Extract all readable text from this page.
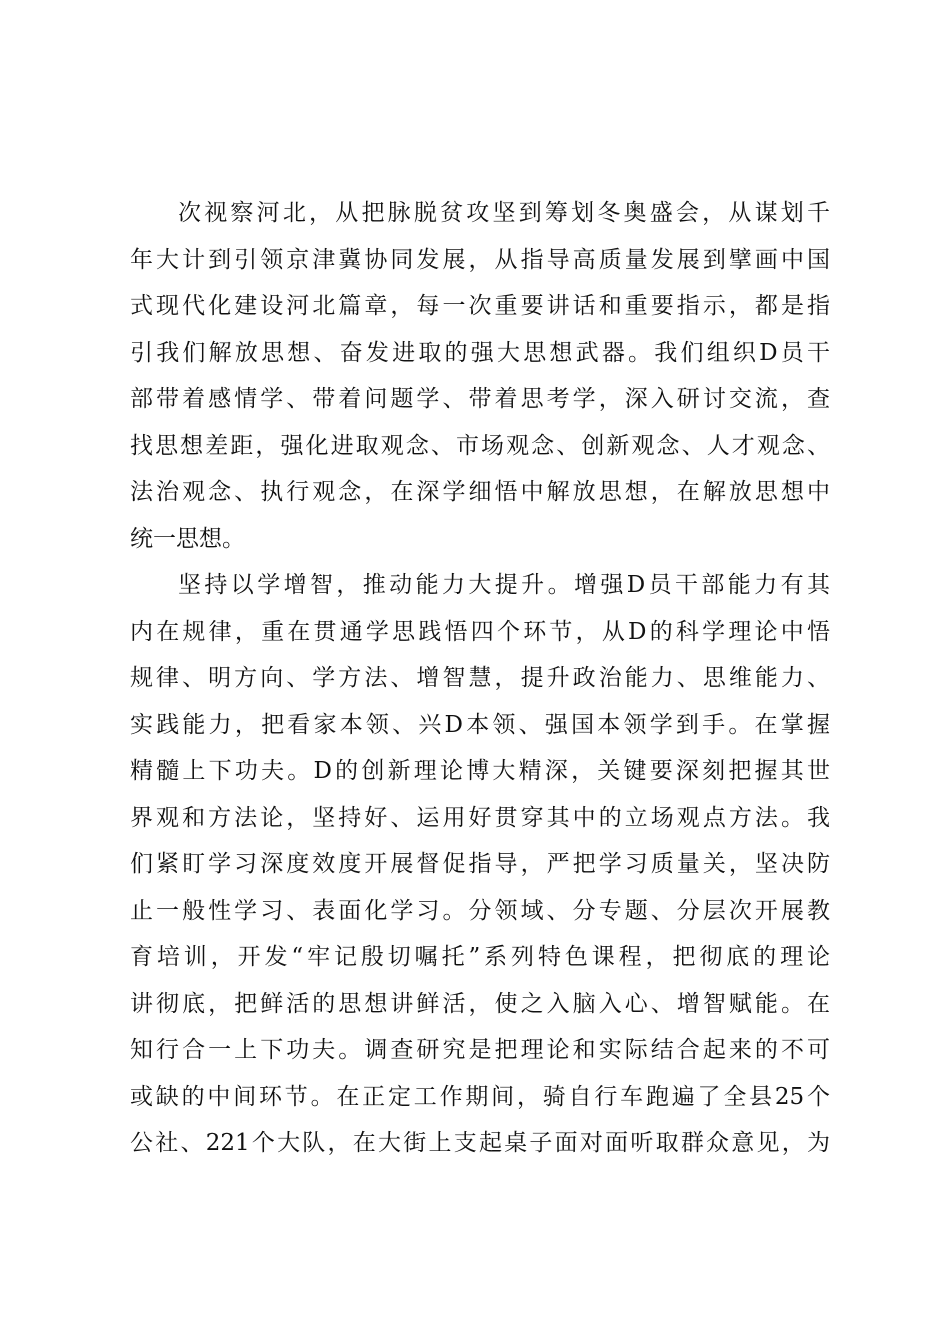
次视察河北，从把脉脱贫攻坚到筹划冬奥盛会，从谋划千
年大计到引领京津冀协同发展，从指导高质量发展到擘画中国
式现代化建设河北篇章，每一次重要讲话和重要指示，都是指
引我们解放思想、奋发进取的强大思想武器。我们组织D员干
部带着感情学、带着问题学、带着思考学，深入研讨交流，查
找思想差距，强化进取观念、市场观念、创新观念、人才观念、
法治观念、执行观念，在深学细悟中解放思想，在解放思想中
统一思想。
坚持以学增智，推动能力大提升。增强D员干部能力有其
内在规律，重在贯通学思践悟四个环节，从D的科学理论中悟
规律、明方向、学方法、增智慧，提升政治能力、思维能力、
实践能力，把看家本领、兴D本领、强国本领学到手。在掌握
精髓上下功夫。D的创新理论博大精深，关键要深刻把握其世
界观和方法论，坚持好、运用好贯穿其中的立场观点方法。我
们紧盯学习深度效度开展督促指导，严把学习质量关，坚决防
止一般性学习、表面化学习。分领域、分专题、分层次开展教
育培训，开发“牢记殷切嘱托”系列特色课程，把彻底的理论
讲彻底，把鲜活的思想讲鲜活，使之入脑入心、增智赋能。在
知行合一上下功夫。调查研究是把理论和实际结合起来的不可
或缺的中间环节。在正定工作期间，骑自行车跑遍了全县25个
公社、221个大队，在大街上支起桌子面对面听取群众意见，为
